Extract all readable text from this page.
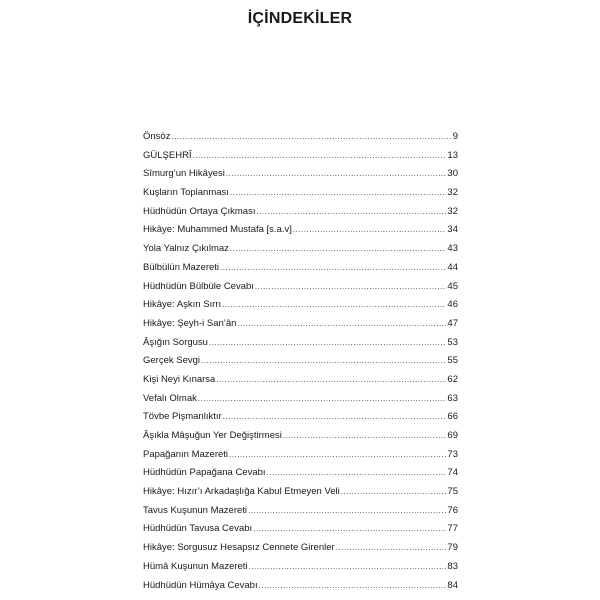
İÇİNDEKİLER
Önsöz .....	9
GÜLŞEHRÎ .....	13
Sîmurg’un Hikâyesi .....	30
Kuşların Toplanması .....	32
Hüdhüdün Ortaya Çıkması .....	32
Hikâye: Muhammed Mustafa [s.a.v] .....	34
Yola Yalnız Çıkılmaz .....	43
Bülbülün Mazereti .....	44
Hüdhüdün Bülbüle Cevabı .....	45
Hikâye: Aşkın Sırrı .....	46
Hikâye: Şeyh-i San’ân .....	47
Âşığın Sorgusu .....	53
Gerçek Sevgi .....	55
Kişi Neyi Kınarsa .....	62
Vefalı Olmak .....	63
Tövbe Pişmanlıktır .....	66
Âşıkla Mâşuğun Yer Değiştirmesi .....	69
Papağanın Mazereti .....	73
Hüdhüdün Papağana Cevabı .....	74
Hikâye: Hızır’ı Arkadaşlığa Kabul Etmeyen Veli .....	75
Tavus Kuşunun Mazereti .....	76
Hüdhüdün Tavusa Cevabı .....	77
Hikâye: Sorgusuz Hesapsız Cennete Girenler .....	79
Hümâ Kuşunun Mazereti .....	83
Hüdhüdün Hümâya Cevabı .....	84
